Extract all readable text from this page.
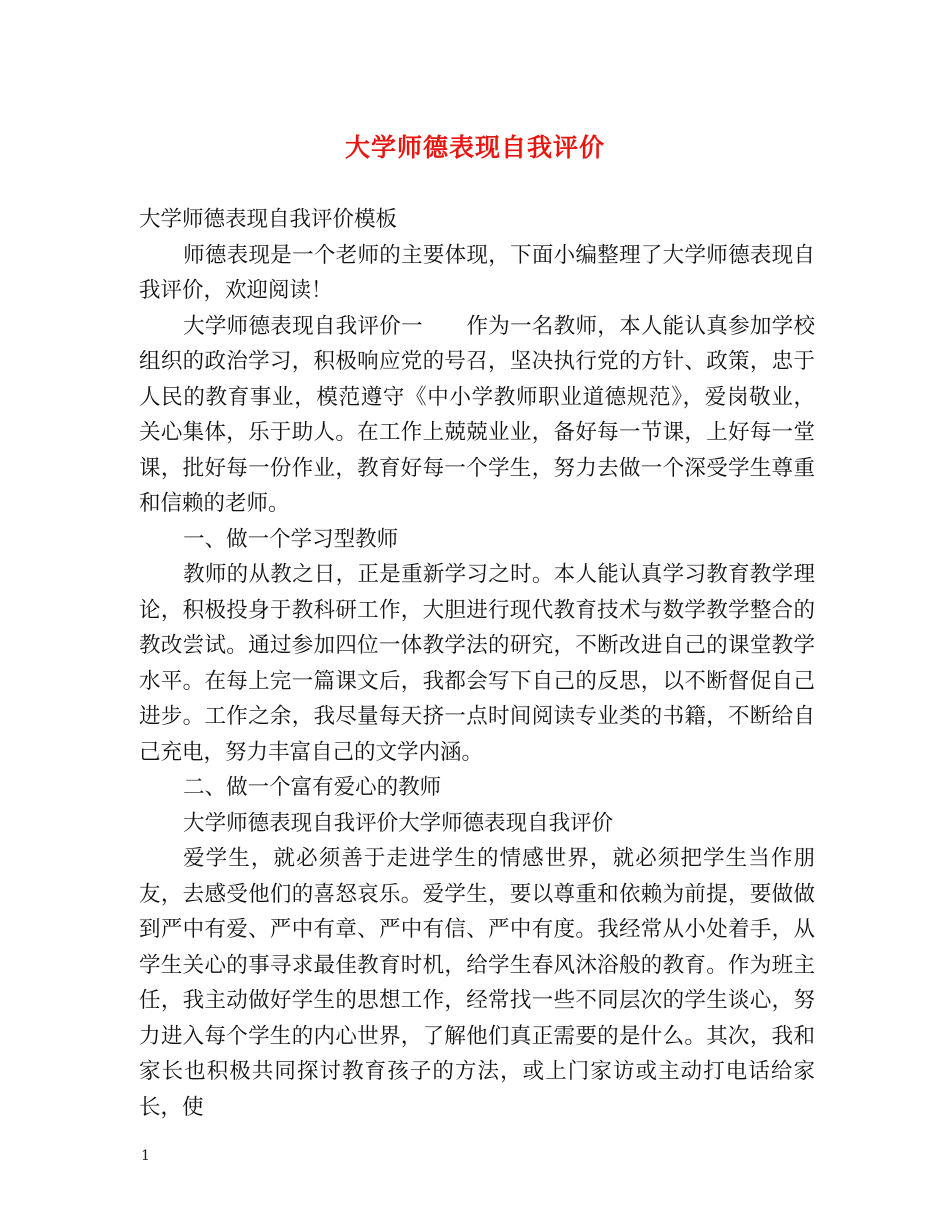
大学师德表现自我评价

大学师德表现自我评价模板

师德表现是一个老师的主要体现，下面小编整理了大学师德表现自我评价，欢迎阅读！

大学师德表现自我评价一　　作为一名教师，本人能认真参加学校组织的政治学习，积极响应党的号召，坚决执行党的方针、政策，忠于人民的教育事业，模范遵守《中小学教师职业道德规范》，爱岗敬业，关心集体，乐于助人。在工作上兢兢业业，备好每一节课，上好每一堂课，批好每一份作业，教育好每一个学生，努力去做一个深受学生尊重和信赖的老师。

一、做一个学习型教师

教师的从教之日，正是重新学习之时。本人能认真学习教育教学理论，积极投身于教科研工作，大胆进行现代教育技术与数学教学整合的教改尝试。通过参加四位一体教学法的研究，不断改进自己的课堂教学水平。在每上完一篇课文后，我都会写下自己的反思，以不断督促自己进步。工作之余，我尽量每天挤一点时间阅读专业类的书籍，不断给自己充电，努力丰富自己的文学内涵。

二、做一个富有爱心的教师

大学师德表现自我评价大学师德表现自我评价

爱学生，就必须善于走进学生的情感世界，就必须把学生当作朋友，去感受他们的喜怒哀乐。爱学生，要以尊重和依赖为前提，要做做到严中有爱、严中有章、严中有信、严中有度。我经常从小处着手，从学生关心的事寻求最佳教育时机，给学生春风沐浴般的教育。作为班主任，我主动做好学生的思想工作，经常找一些不同层次的学生谈心，努力进入每个学生的内心世界，了解他们真正需要的是什么。其次，我和家长也积极共同探讨教育孩子的方法，或上门家访或主动打电话给家长，使

1
